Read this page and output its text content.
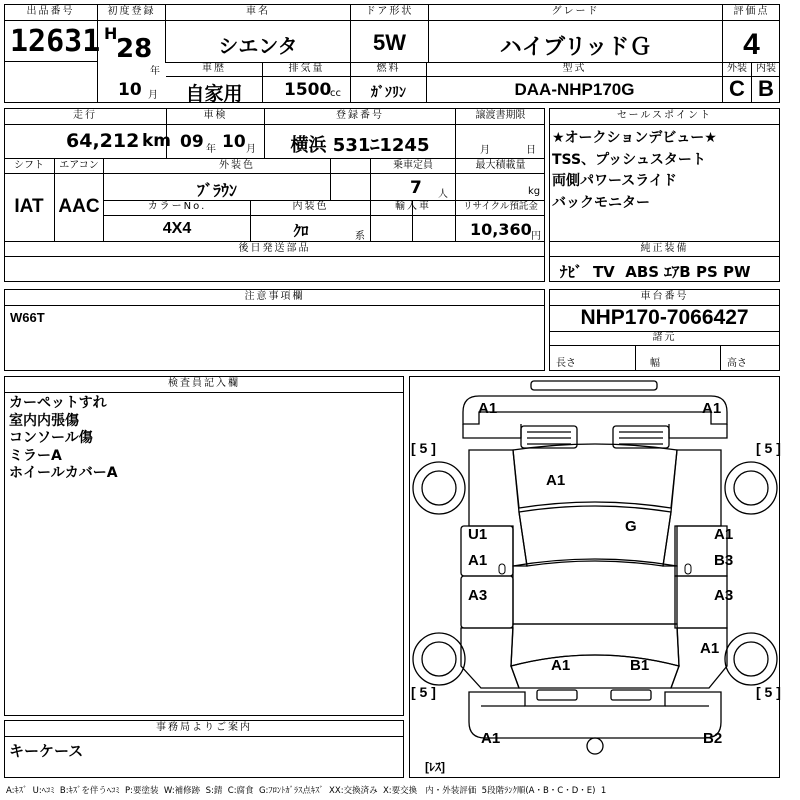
出品番号
12631
初度登録
H
28
年
10 月
車名
シエンタ
ドア形状
5W
グレード
ハイブリッドＧ
評価点
4
車歴
自家用
排気量
1500
cc
燃料
ｶﾞｿﾘﾝ
型式
DAA-NHP170G
外装
C
内装
B
走行
64,212 km
車検
09 年 10 月
登録番号
横浜 531ﾆ1245
譲渡書期限
月	日
シフト
IAT
エアコン
AAC
外装色
ﾌﾞﾗｳﾝ
乗車定員
7 人
最大積載量
kg
カラーNo.
4X4
内装色
ｸﾛ	系
輸入車	リサイクル預託金
10,360 円
後日発送部品
セールスポイント
★オークションデビュー★
TSS、プッシュスタート
両側パワースライド
バックモニター
純正装備
ﾅﾋﾞ  TV  ABS ｴｱB PS PW
注意事項欄
W66T
車台番号
NHP170-7066427
諸元
長さ	幅	高さ
検査員記入欄
カーペットすれ
室内内張傷
コンソール傷
ミラーA
ホイールカバーA
事務局よりご案内
キーケース
A1	A1
[ 5 ]	[ 5 ]
A1
G
U1
A1
A3
A1
B3
A3
A1
A1	B1
[ 5 ]	[ 5 ]
A1	B2
[ﾚｽ]
A:ｷｽﾞ  U:ﾍｺﾐ  B:ｷｽﾞを伴うﾍｺﾐ  P:要塗装  W:補修跡  S:錆  C:腐食  G:ﾌﾛﾝﾄｶﾞﾗｽ点ｷｽﾞ  XX:交換済み  X:要交換   内・外装評価  5段階ﾗﾝｸ順(A・B・C・D・E)  1
